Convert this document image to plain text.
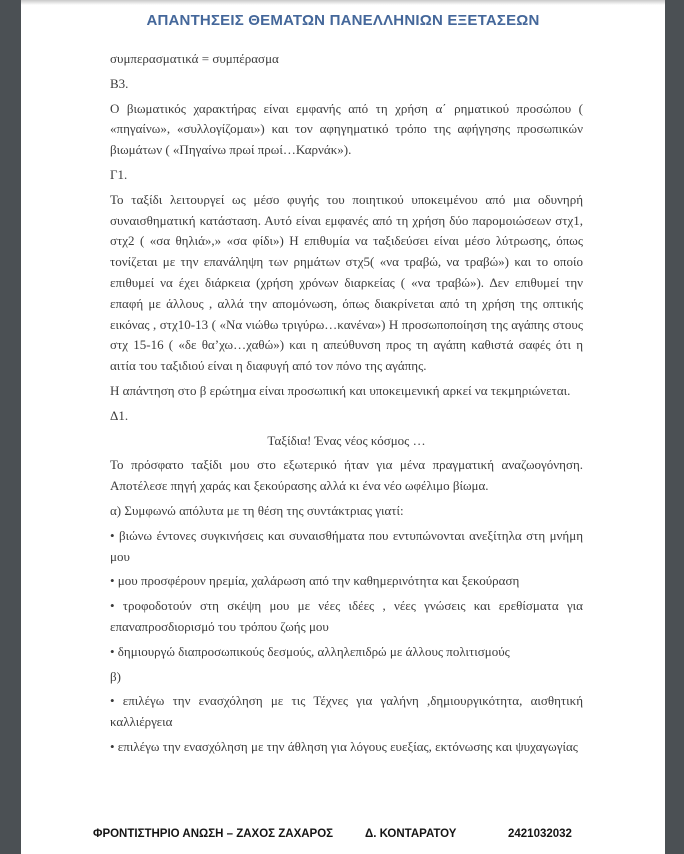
ΑΠΑΝΤΗΣΕΙΣ ΘΕΜΑΤΩΝ ΠΑΝΕΛΛΗΝΙΩΝ ΕΞΕΤΑΣΕΩΝ

συμπερασματικά = συμπέρασμα

Β3.

Ο βιωματικός χαρακτήρας είναι εμφανής από τη χρήση α΄ ρηματικού προσώπου ( «πηγαίνω», «συλλογίζομαι») και τον αφηγηματικό τρόπο της αφήγησης προσωπικών βιωμάτων ( «Πηγαίνω πρωί πρωί…Καρνάκ»).

Γ1.

Το ταξίδι λειτουργεί ως μέσο φυγής του ποιητικού υποκειμένου από μια οδυνηρή συναισθηματική κατάσταση. Αυτό είναι εμφανές από τη χρήση δύο παρομοιώσεων στχ1, στχ2 ( «σα θηλιά»,» «σα φίδι») Η επιθυμία να ταξιδεύσει είναι μέσο λύτρωσης, όπως τονίζεται με την επανάληψη των ρημάτων στχ5( «να τραβώ, να τραβώ») και το οποίο επιθυμεί να έχει διάρκεια (χρήση χρόνων διαρκείας ( «να τραβώ»). Δεν επιθυμεί την επαφή με άλλους , αλλά την απομόνωση, όπως διακρίνεται από τη χρήση της οπτικής εικόνας , στχ10-13 ( «Να νιώθω τριγύρω…κανένα») Η προσωποποίηση της αγάπης στους στχ 15-16 ( «δε θα’χω…χαθώ») και η απεύθυνση προς τη αγάπη καθιστά σαφές ότι η αιτία του ταξιδιού είναι η διαφυγή από τον πόνο της αγάπης.

Η απάντηση στο β ερώτημα είναι προσωπική και υποκειμενική αρκεί να τεκμηριώνεται.

Δ1.

Ταξίδια! Ένας νέος κόσμος …

Το πρόσφατο ταξίδι μου στο εξωτερικό ήταν για μένα πραγματική αναζωογόνηση. Αποτέλεσε πηγή χαράς και ξεκούρασης αλλά κι ένα νέο ωφέλιμο βίωμα.

α) Συμφωνώ απόλυτα με τη θέση της συντάκτριας γιατί:

• βιώνω έντονες συγκινήσεις και συναισθήματα που εντυπώνονται ανεξίτηλα στη μνήμη μου

• μου προσφέρουν ηρεμία, χαλάρωση από την καθημερινότητα και ξεκούραση

• τροφοδοτούν στη σκέψη μου με νέες ιδέες , νέες γνώσεις και ερεθίσματα για επαναπροσδιορισμό του τρόπου ζωής μου

• δημιουργώ διαπροσωπικούς δεσμούς, αλληλεπιδρώ με άλλους πολιτισμούς

β)

• επιλέγω την ενασχόληση με τις Τέχνες για γαλήνη ,δημιουργικότητα, αισθητική καλλιέργεια

• επιλέγω την ενασχόληση με την άθληση για λόγους ευεξίας, εκτόνωσης και ψυχαγωγίας

ΦΡΟΝΤΙΣΤΗΡΙΟ ΑΝΩΣΗ – ΖΑΧΟΣ ΖΑΧΑΡΟΣ	Δ. ΚΟΝΤΑΡΑΤΟΥ	2421032032
